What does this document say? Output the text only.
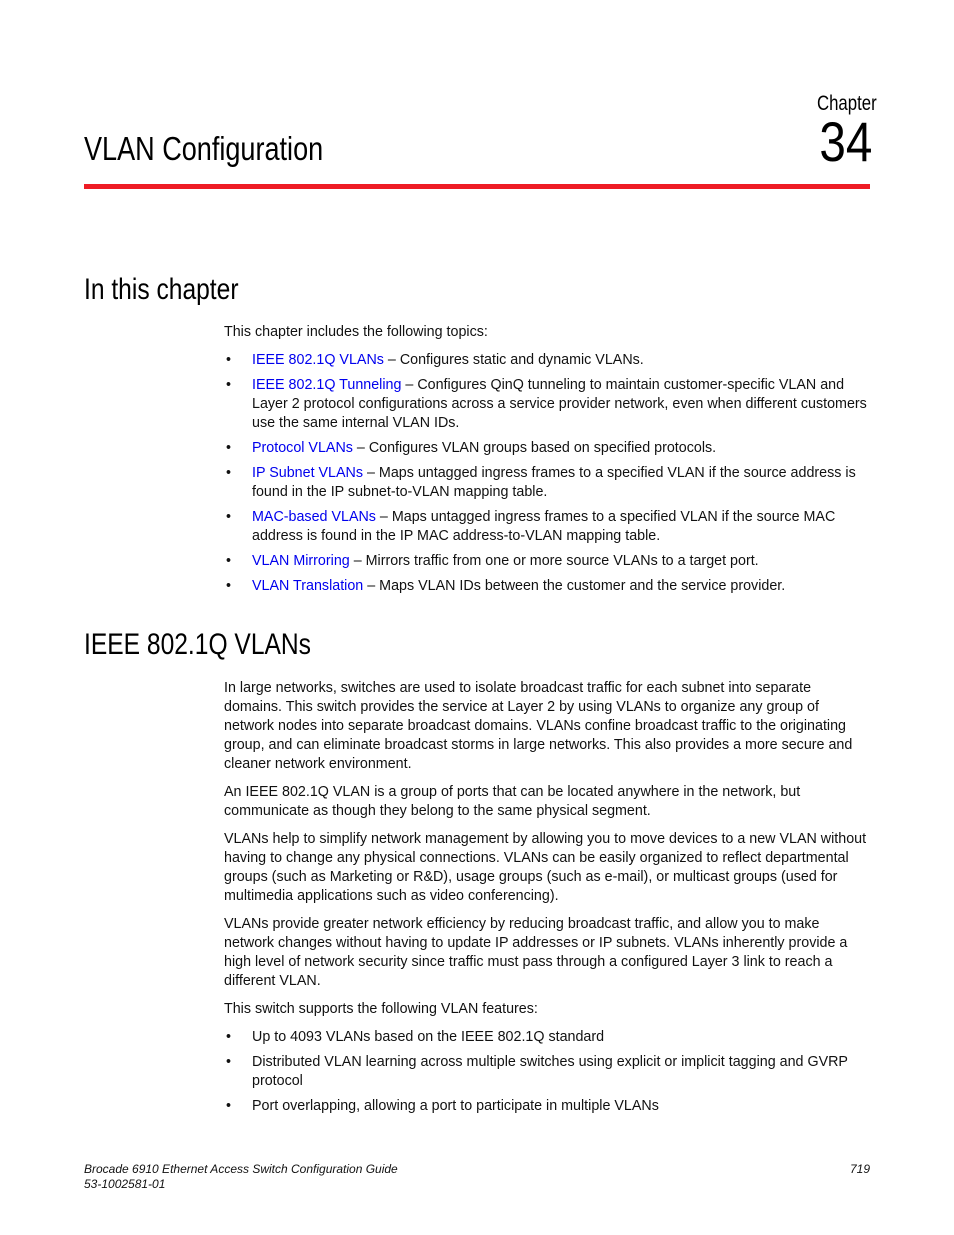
VLAN Configuration
Chapter
34
In this chapter

This chapter includes the following topics:

• IEEE 802.1Q VLANs – Configures static and dynamic VLANs.
• IEEE 802.1Q Tunneling – Configures QinQ tunneling to maintain customer-specific VLAN and Layer 2 protocol configurations across a service provider network, even when different customers use the same internal VLAN IDs.
• Protocol VLANs – Configures VLAN groups based on specified protocols.
• IP Subnet VLANs – Maps untagged ingress frames to a specified VLAN if the source address is found in the IP subnet-to-VLAN mapping table.
• MAC-based VLANs – Maps untagged ingress frames to a specified VLAN if the source MAC address is found in the IP MAC address-to-VLAN mapping table.
• VLAN Mirroring – Mirrors traffic from one or more source VLANs to a target port.
• VLAN Translation – Maps VLAN IDs between the customer and the service provider.
IEEE 802.1Q VLANs

In large networks, switches are used to isolate broadcast traffic for each subnet into separate domains. This switch provides the service at Layer 2 by using VLANs to organize any group of network nodes into separate broadcast domains. VLANs confine broadcast traffic to the originating group, and can eliminate broadcast storms in large networks. This also provides a more secure and cleaner network environment.

An IEEE 802.1Q VLAN is a group of ports that can be located anywhere in the network, but communicate as though they belong to the same physical segment.

VLANs help to simplify network management by allowing you to move devices to a new VLAN without having to change any physical connections. VLANs can be easily organized to reflect departmental groups (such as Marketing or R&D), usage groups (such as e-mail), or multicast groups (used for multimedia applications such as video conferencing).

VLANs provide greater network efficiency by reducing broadcast traffic, and allow you to make network changes without having to update IP addresses or IP subnets. VLANs inherently provide a high level of network security since traffic must pass through a configured Layer 3 link to reach a different VLAN.

This switch supports the following VLAN features:

• Up to 4093 VLANs based on the IEEE 802.1Q standard
• Distributed VLAN learning across multiple switches using explicit or implicit tagging and GVRP protocol
• Port overlapping, allowing a port to participate in multiple VLANs
Brocade 6910 Ethernet Access Switch Configuration Guide
53-1002581-01
719
